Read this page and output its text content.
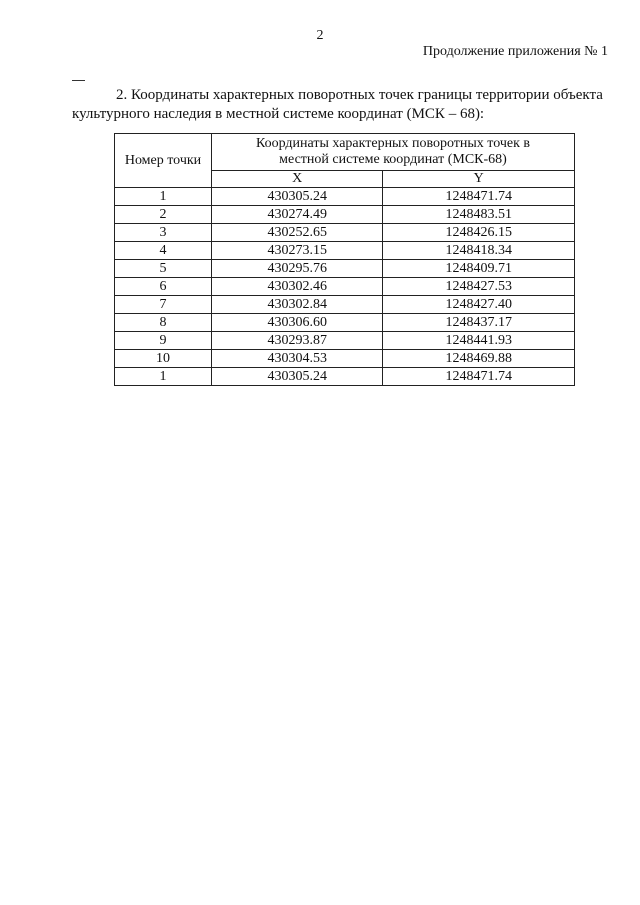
2
Продолжение приложения № 1
2. Координаты характерных поворотных точек границы территории объекта
культурного наследия в местной системе координат (МСК – 68):
Номер точки	Координаты характерных поворотных точек в
местной системе координат (МСК-68)	

	X	Y
1	430305.24	1248471.74
2	430274.49	1248483.51
3	430252.65	1248426.15
4	430273.15	1248418.34
5	430295.76	1248409.71
6	430302.46	1248427.53
7	430302.84	1248427.40
8	430306.60	1248437.17
9	430293.87	1248441.93
10	430304.53	1248469.88
1	430305.24	1248471.74
